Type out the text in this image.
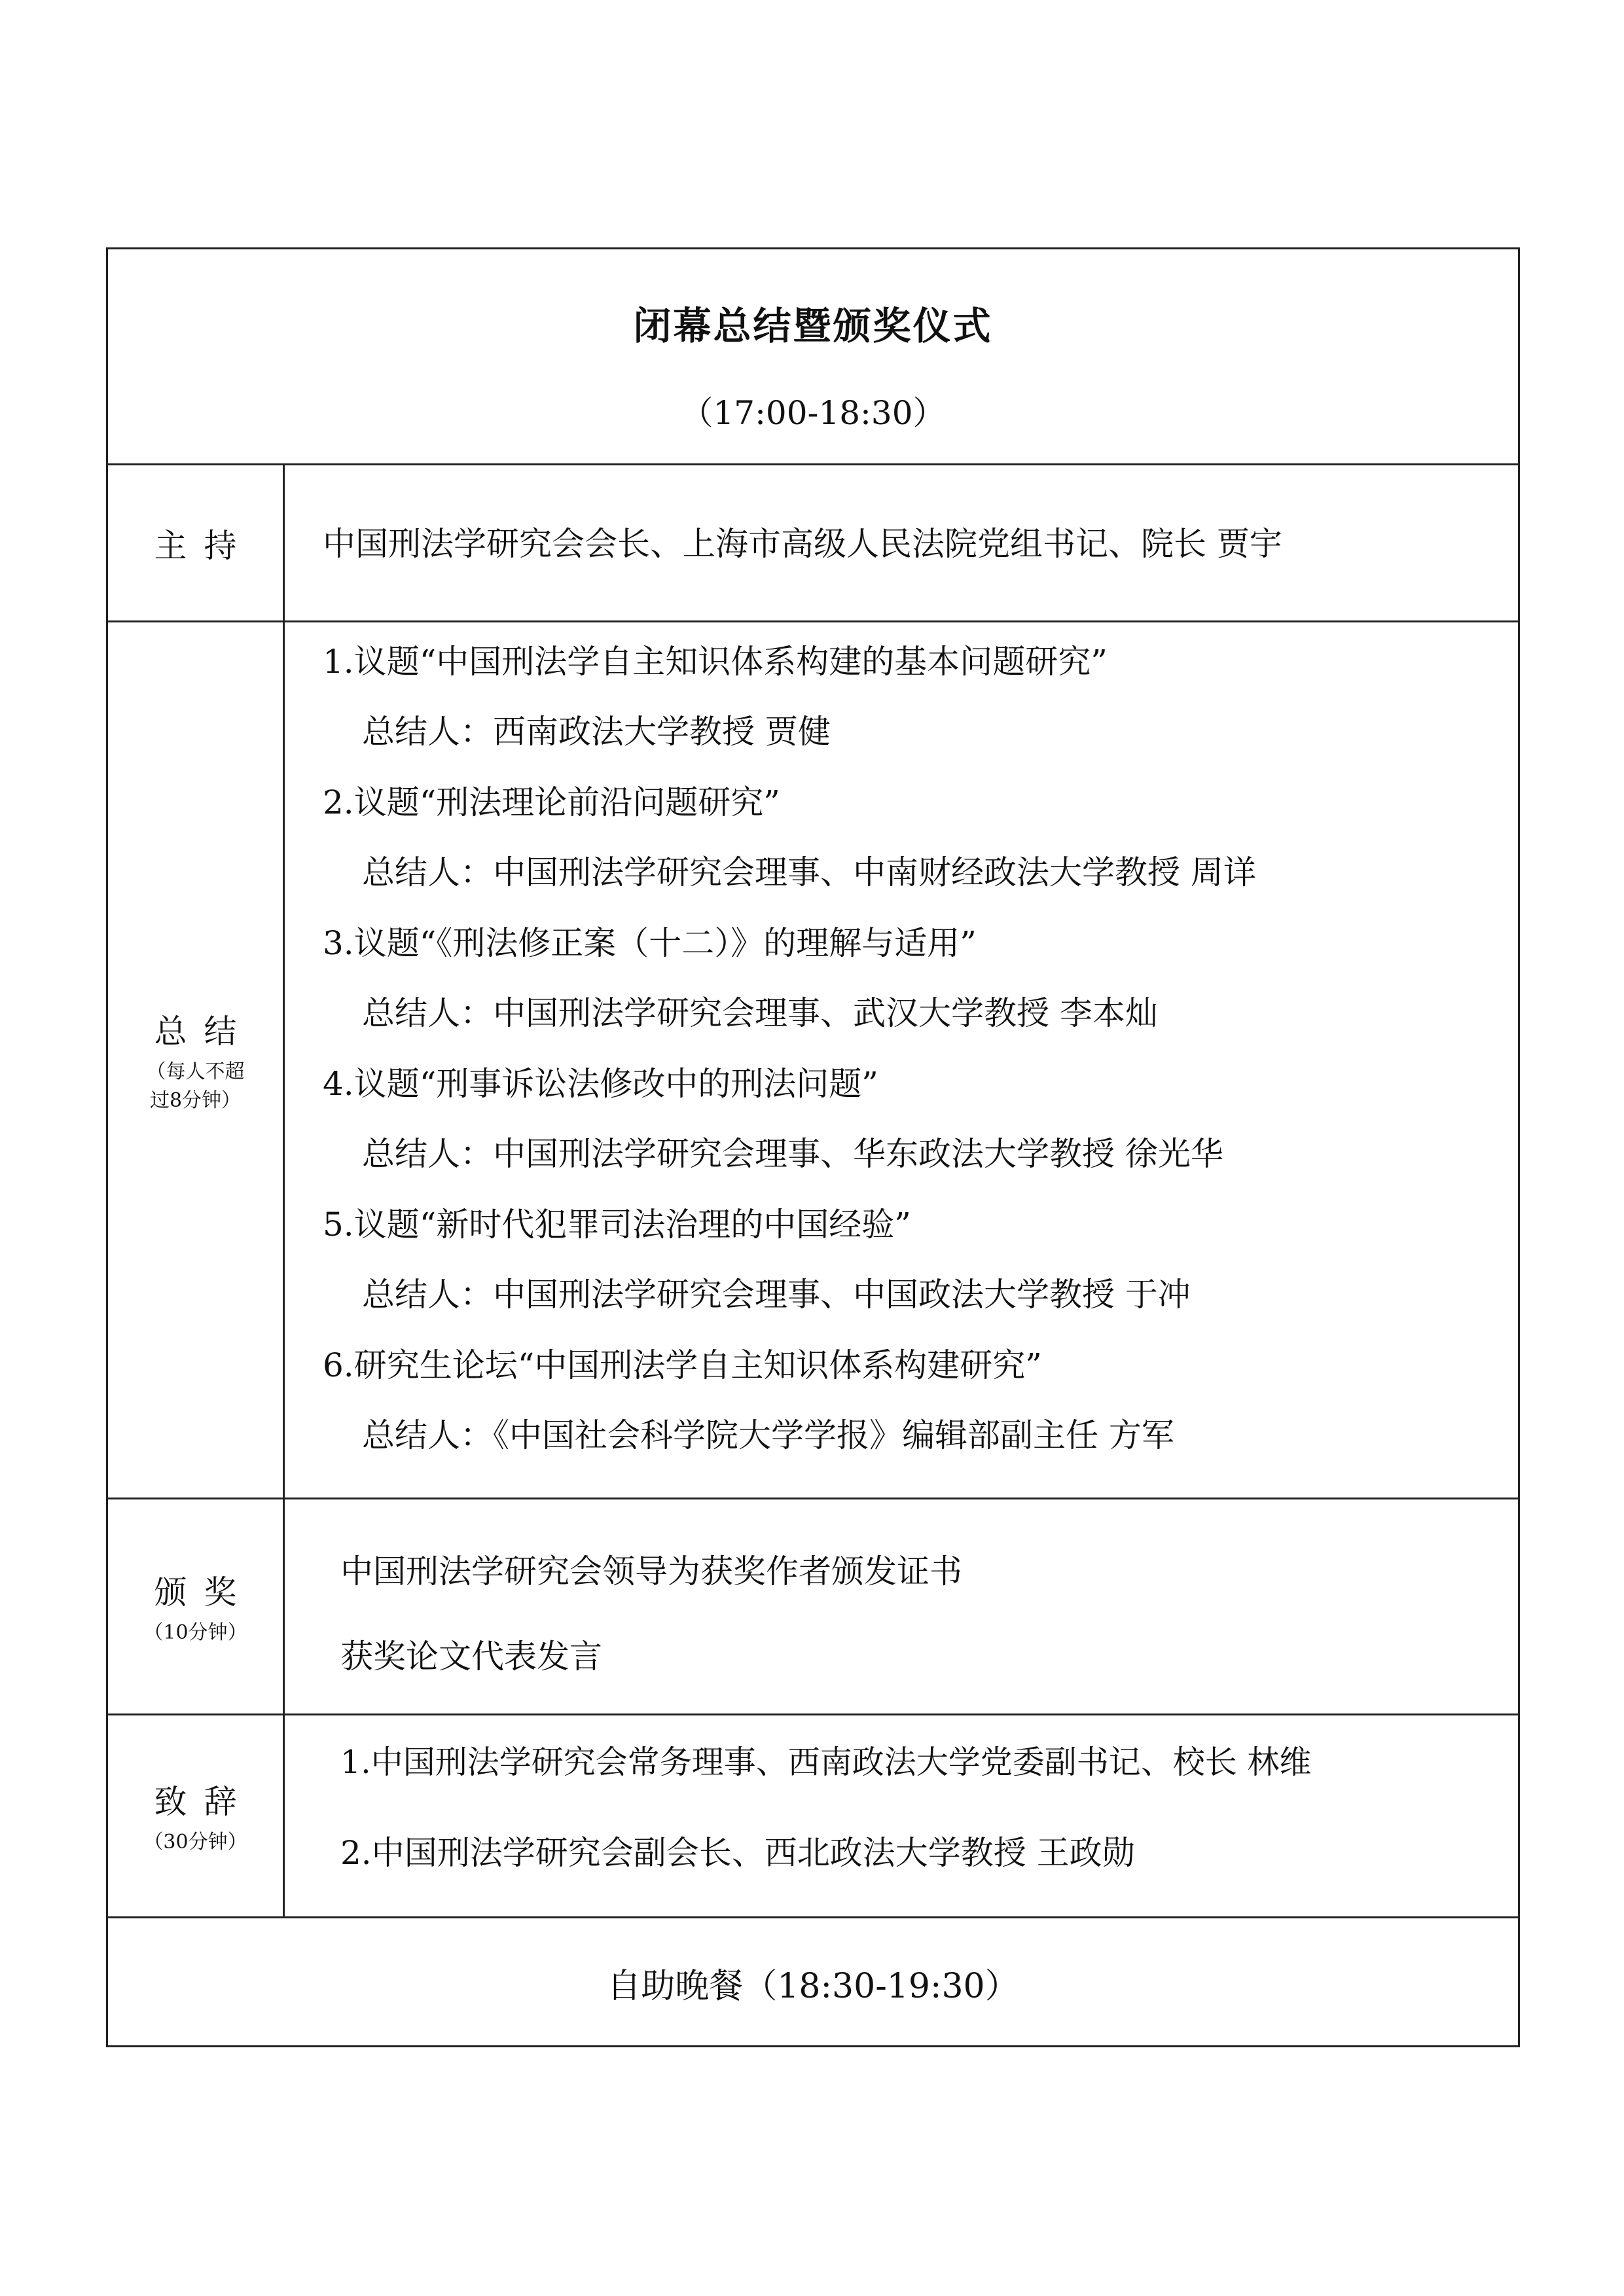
闭幕总结暨颁奖仪式
（17:00-18:30）
主持 中国刑法学研究会会长、上海市高级人民法院党组书记、院长 贾宇
总结
（每人不超过8分钟）
1.议题“中国刑法学自主知识体系构建的基本问题研究”
总结人：西南政法大学教授 贾健
2.议题“刑法理论前沿问题研究”
总结人：中国刑法学研究会理事、中南财经政法大学教授 周详
3.议题“《刑法修正案（十二）》的理解与适用”
总结人：中国刑法学研究会理事、武汉大学教授 李本灿
4.议题“刑事诉讼法修改中的刑法问题”
总结人：中国刑法学研究会理事、华东政法大学教授 徐光华
5.议题“新时代犯罪司法治理的中国经验”
总结人：中国刑法学研究会理事、中国政法大学教授 于冲
6.研究生论坛“中国刑法学自主知识体系构建研究”
总结人：《中国社会科学院大学学报》编辑部副主任 方军
颁奖
（10分钟）
中国刑法学研究会领导为获奖作者颁发证书
获奖论文代表发言
致辞
（30分钟）
1.中国刑法学研究会常务理事、西南政法大学党委副书记、校长 林维
2.中国刑法学研究会副会长、西北政法大学教授 王政勋
自助晚餐（18:30-19:30）
